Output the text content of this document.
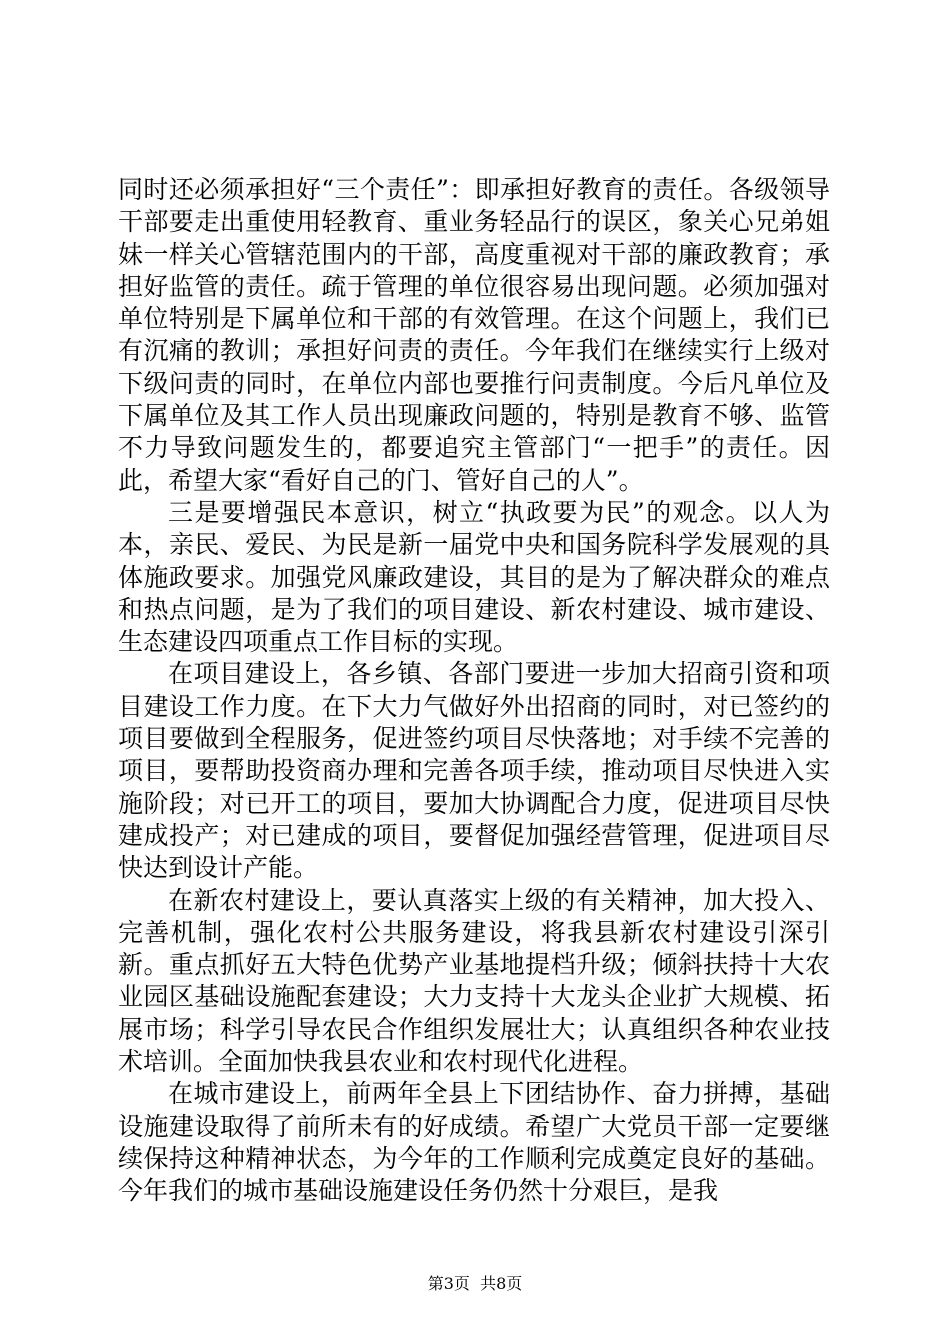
同时还必须承担好“三个责任”：即承担好教育的责任。各级领导干部要走出重使用轻教育、重业务轻品行的误区，象关心兄弟姐妹一样关心管辖范围内的干部，高度重视对干部的廉政教育；承担好监管的责任。疏于管理的单位很容易出现问题。必须加强对单位特别是下属单位和干部的有效管理。在这个问题上，我们已有沉痛的教训；承担好问责的责任。今年我们在继续实行上级对下级问责的同时，在单位内部也要推行问责制度。今后凡单位及下属单位及其工作人员出现廉政问题的，特别是教育不够、监管不力导致问题发生的，都要追究主管部门“一把手”的责任。因此，希望大家“看好自己的门、管好自己的人”。

三是要增强民本意识，树立“执政要为民”的观念。以人为本，亲民、爱民、为民是新一届党中央和国务院科学发展观的具体施政要求。加强党风廉政建设，其目的是为了解决群众的难点和热点问题，是为了我们的项目建设、新农村建设、城市建设、生态建设四项重点工作目标的实现。

在项目建设上，各乡镇、各部门要进一步加大招商引资和项目建设工作力度。在下大力气做好外出招商的同时，对已签约的项目要做到全程服务，促进签约项目尽快落地；对手续不完善的项目，要帮助投资商办理和完善各项手续，推动项目尽快进入实施阶段；对已开工的项目，要加大协调配合力度，促进项目尽快建成投产；对已建成的项目，要督促加强经营管理，促进项目尽快达到设计产能。

在新农村建设上，要认真落实上级的有关精神，加大投入、完善机制，强化农村公共服务建设，将我县新农村建设引深引新。重点抓好五大特色优势产业基地提档升级；倾斜扶持十大农业园区基础设施配套建设；大力支持十大龙头企业扩大规模、拓展市场；科学引导农民合作组织发展壮大；认真组织各种农业技术培训。全面加快我县农业和农村现代化进程。

在城市建设上，前两年全县上下团结协作、奋力拼搏，基础设施建设取得了前所未有的好成绩。希望广大党员干部一定要继续保持这种精神状态，为今年的工作顺利完成奠定良好的基础。今年我们的城市基础设施建设任务仍然十分艰巨，是我

第3页  共8页
